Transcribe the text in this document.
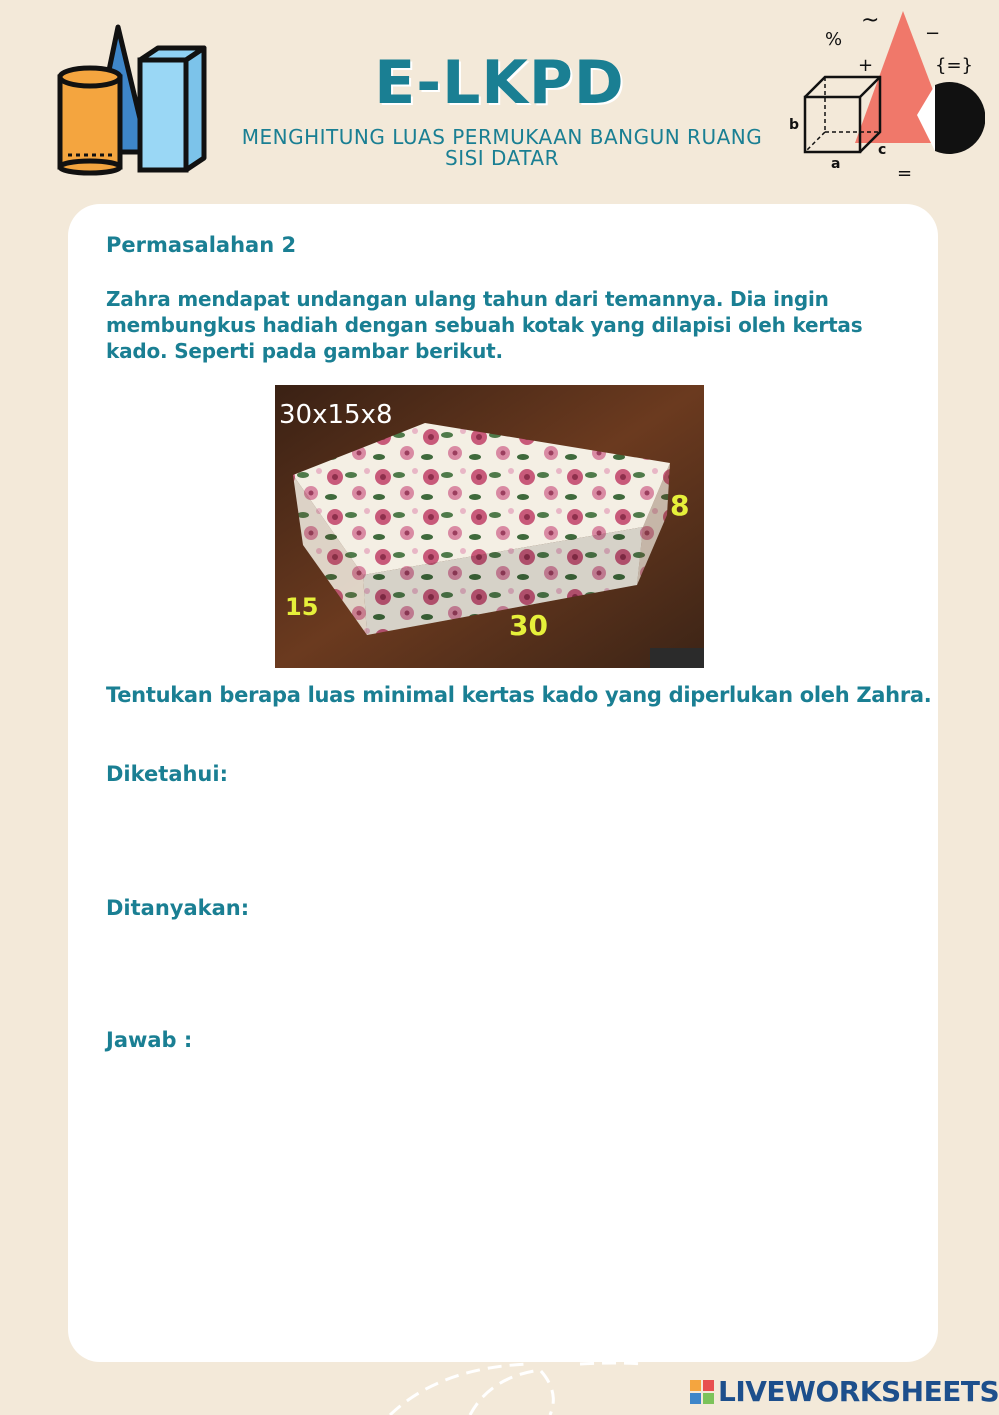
E-LKPD
MENGHITUNG LUAS PERMUKAAN BANGUN RUANG SISI DATAR
b
a
c
%
~
+
−
{=}
=
Permasalahan 2
Zahra mendapat undangan ulang tahun dari temannya. Dia ingin membungkus hadiah dengan sebuah kotak yang dilapisi oleh kertas kado. Seperti pada gambar berikut.
30x15x8
8
15
30
Tentukan berapa luas minimal kertas kado yang diperlukan oleh Zahra.
Diketahui:
Ditanyakan:
Jawab :
LIVEWORKSHEETS
